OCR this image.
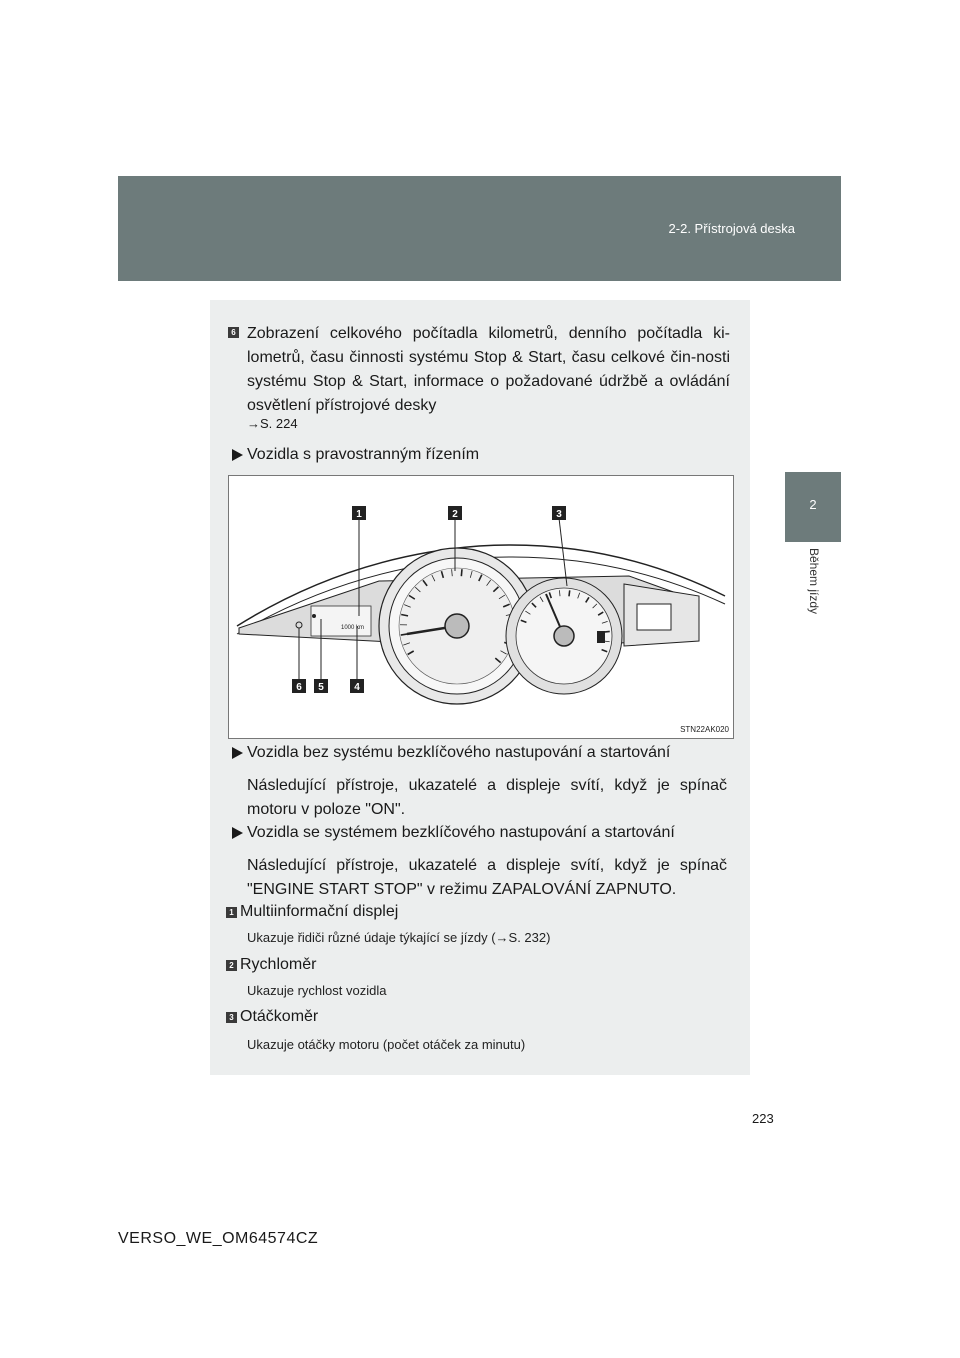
2-2. Přístrojová deska
2
Během jízdy
6 Zobrazení celkového počítadla kilometrů, denního počítadla ki-lometrů, času činnosti systému Stop & Start, času celkové čin-nosti systému Stop & Start, informace o požadované údržbě a ovládání osvětlení přístrojové desky
→S. 224
Vozidla s pravostranným řízením
1000 km
1	2	3
6 5	4
STN22AK020
Vozidla bez systému bezklíčového nastupování a startování
Následující přístroje, ukazatelé a displeje svítí, když je spínač motoru v poloze "ON".
Vozidla se systémem bezklíčového nastupování a startování
Následující přístroje, ukazatelé a displeje svítí, když je spínač "ENGINE START STOP" v režimu ZAPALOVÁNÍ ZAPNUTO.
1 Multiinformační displej
Ukazuje řidiči různé údaje týkající se jízdy (→S. 232)
2 Rychloměr
Ukazuje rychlost vozidla
3 Otáčkoměr
Ukazuje otáčky motoru (počet otáček za minutu)
223
VERSO_WE_OM64574CZ
